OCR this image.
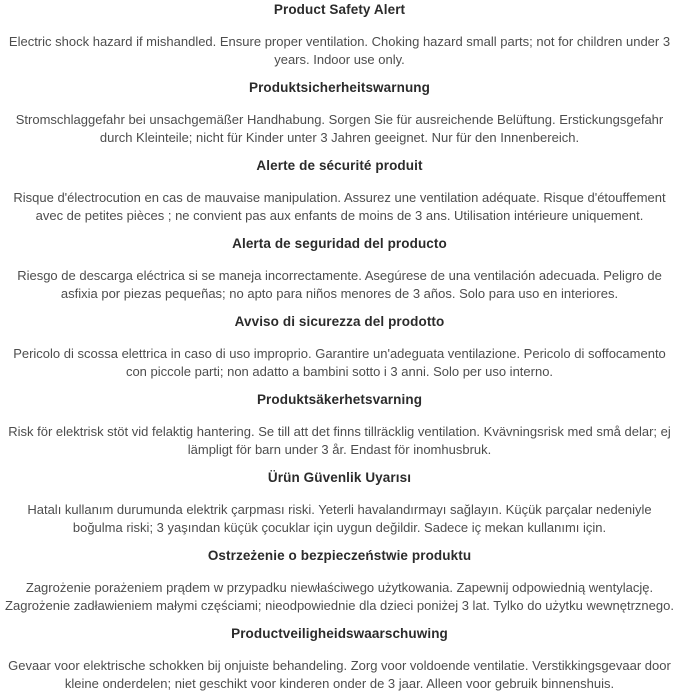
Product Safety Alert

Electric shock hazard if mishandled. Ensure proper ventilation. Choking hazard small parts; not for children under 3 years. Indoor use only.

Produktsicherheitswarnung

Stromschlaggefahr bei unsachgemäßer Handhabung. Sorgen Sie für ausreichende Belüftung. Erstickungsgefahr durch Kleinteile; nicht für Kinder unter 3 Jahren geeignet. Nur für den Innenbereich.

Alerte de sécurité produit

Risque d'électrocution en cas de mauvaise manipulation. Assurez une ventilation adéquate. Risque d'étouffement avec de petites pièces ; ne convient pas aux enfants de moins de 3 ans. Utilisation intérieure uniquement.

Alerta de seguridad del producto

Riesgo de descarga eléctrica si se maneja incorrectamente. Asegúrese de una ventilación adecuada. Peligro de asfixia por piezas pequeñas; no apto para niños menores de 3 años. Solo para uso en interiores.

Avviso di sicurezza del prodotto

Pericolo di scossa elettrica in caso di uso improprio. Garantire un'adeguata ventilazione. Pericolo di soffocamento con piccole parti; non adatto a bambini sotto i 3 anni. Solo per uso interno.

Produktsäkerhetsvarning

Risk för elektrisk stöt vid felaktig hantering. Se till att det finns tillräcklig ventilation. Kvävningsrisk med små delar; ej lämpligt för barn under 3 år. Endast för inomhusbruk.

Ürün Güvenlik Uyarısı

Hatalı kullanım durumunda elektrik çarpması riski. Yeterli havalandırmayı sağlayın. Küçük parçalar nedeniyle boğulma riski; 3 yaşından küçük çocuklar için uygun değildir. Sadece iç mekan kullanımı için.

Ostrzeżenie o bezpieczeństwie produktu

Zagrożenie porażeniem prądem w przypadku niewłaściwego użytkowania. Zapewnij odpowiednią wentylację. Zagrożenie zadławieniem małymi częściami; nieodpowiednie dla dzieci poniżej 3 lat. Tylko do użytku wewnętrznego.

Productveiligheidswaarschuwing

Gevaar voor elektrische schokken bij onjuiste behandeling. Zorg voor voldoende ventilatie. Verstikkingsgevaar door kleine onderdelen; niet geschikt voor kinderen onder de 3 jaar. Alleen voor gebruik binnenshuis.
